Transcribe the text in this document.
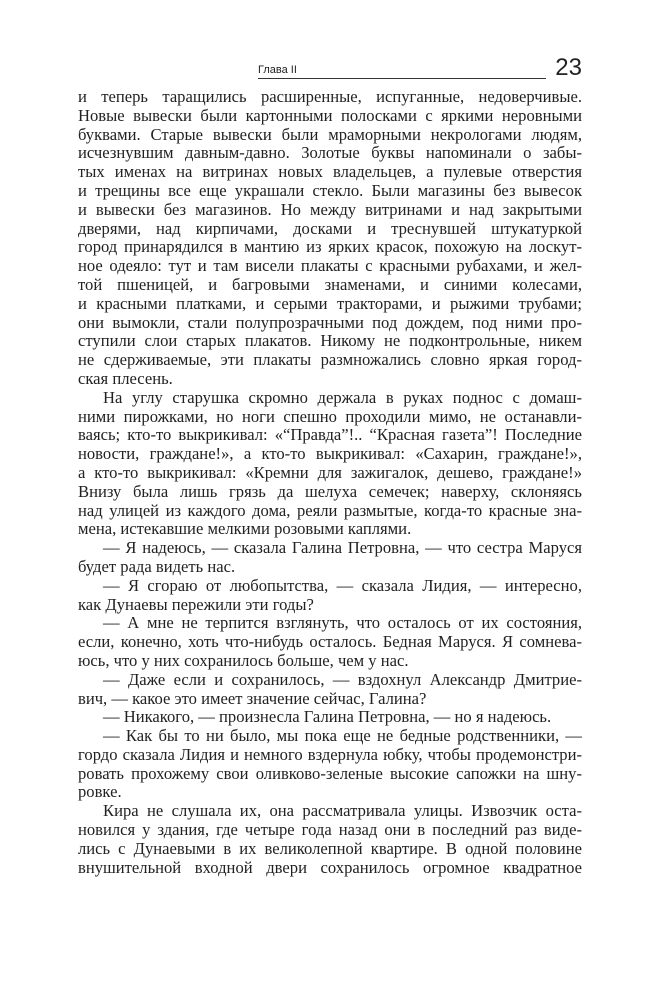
Глава II	23
и теперь таращились расширенные, испуганные, недоверчивые.
Новые вывески были картонными полосками с яркими неровными
буквами. Старые вывески были мраморными некрологами людям,
исчезнувшим давным-давно. Золотые буквы напоминали о забы-
тых именах на витринах новых владельцев, а пулевые отверстия
и трещины все еще украшали стекло. Были магазины без вывесок
и вывески без магазинов. Но между витринами и над закрытыми
дверями, над кирпичами, досками и треснувшей штукатуркой
город принарядился в мантию из ярких красок, похожую на лоскут-
ное одеяло: тут и там висели плакаты с красными рубахами, и жел-
той пшеницей, и багровыми знаменами, и синими колесами,
и красными платками, и серыми тракторами, и рыжими трубами;
они вымокли, стали полупрозрачными под дождем, под ними про-
ступили слои старых плакатов. Никому не подконтрольные, никем
не сдерживаемые, эти плакаты размножались словно яркая город-
ская плесень.
На углу старушка скромно держала в руках поднос с домаш-
ними пирожками, но ноги спешно проходили мимо, не останавли-
ваясь; кто-то выкрикивал: «“Правда”!.. “Красная газета”! Последние
новости, граждане!», а кто-то выкрикивал: «Сахарин, граждане!»,
а кто-то выкрикивал: «Кремни для зажигалок, дешево, граждане!»
Внизу была лишь грязь да шелуха семечек; наверху, склоняясь
над улицей из каждого дома, реяли размытые, когда-то красные зна-
мена, истекавшие мелкими розовыми каплями.
— Я надеюсь, — сказала Галина Петровна, — что сестра Маруся
будет рада видеть нас.
— Я сгораю от любопытства, — сказала Лидия, — интересно,
как Дунаевы пережили эти годы?
— А мне не терпится взглянуть, что осталось от их состояния,
если, конечно, хоть что-нибудь осталось. Бедная Маруся. Я сомнева-
юсь, что у них сохранилось больше, чем у нас.
— Даже если и сохранилось, — вздохнул Александр Дмитрие-
вич, — какое это имеет значение сейчас, Галина?
— Никакого, — произнесла Галина Петровна, — но я надеюсь.
— Как бы то ни было, мы пока еще не бедные родственники, —
гордо сказала Лидия и немного вздернула юбку, чтобы продемонстри-
ровать прохожему свои оливково-зеленые высокие сапожки на шну-
ровке.
Кира не слушала их, она рассматривала улицы. Извозчик оста-
новился у здания, где четыре года назад они в последний раз виде-
лись с Дунаевыми в их великолепной квартире. В одной половине
внушительной входной двери сохранилось огромное квадратное
